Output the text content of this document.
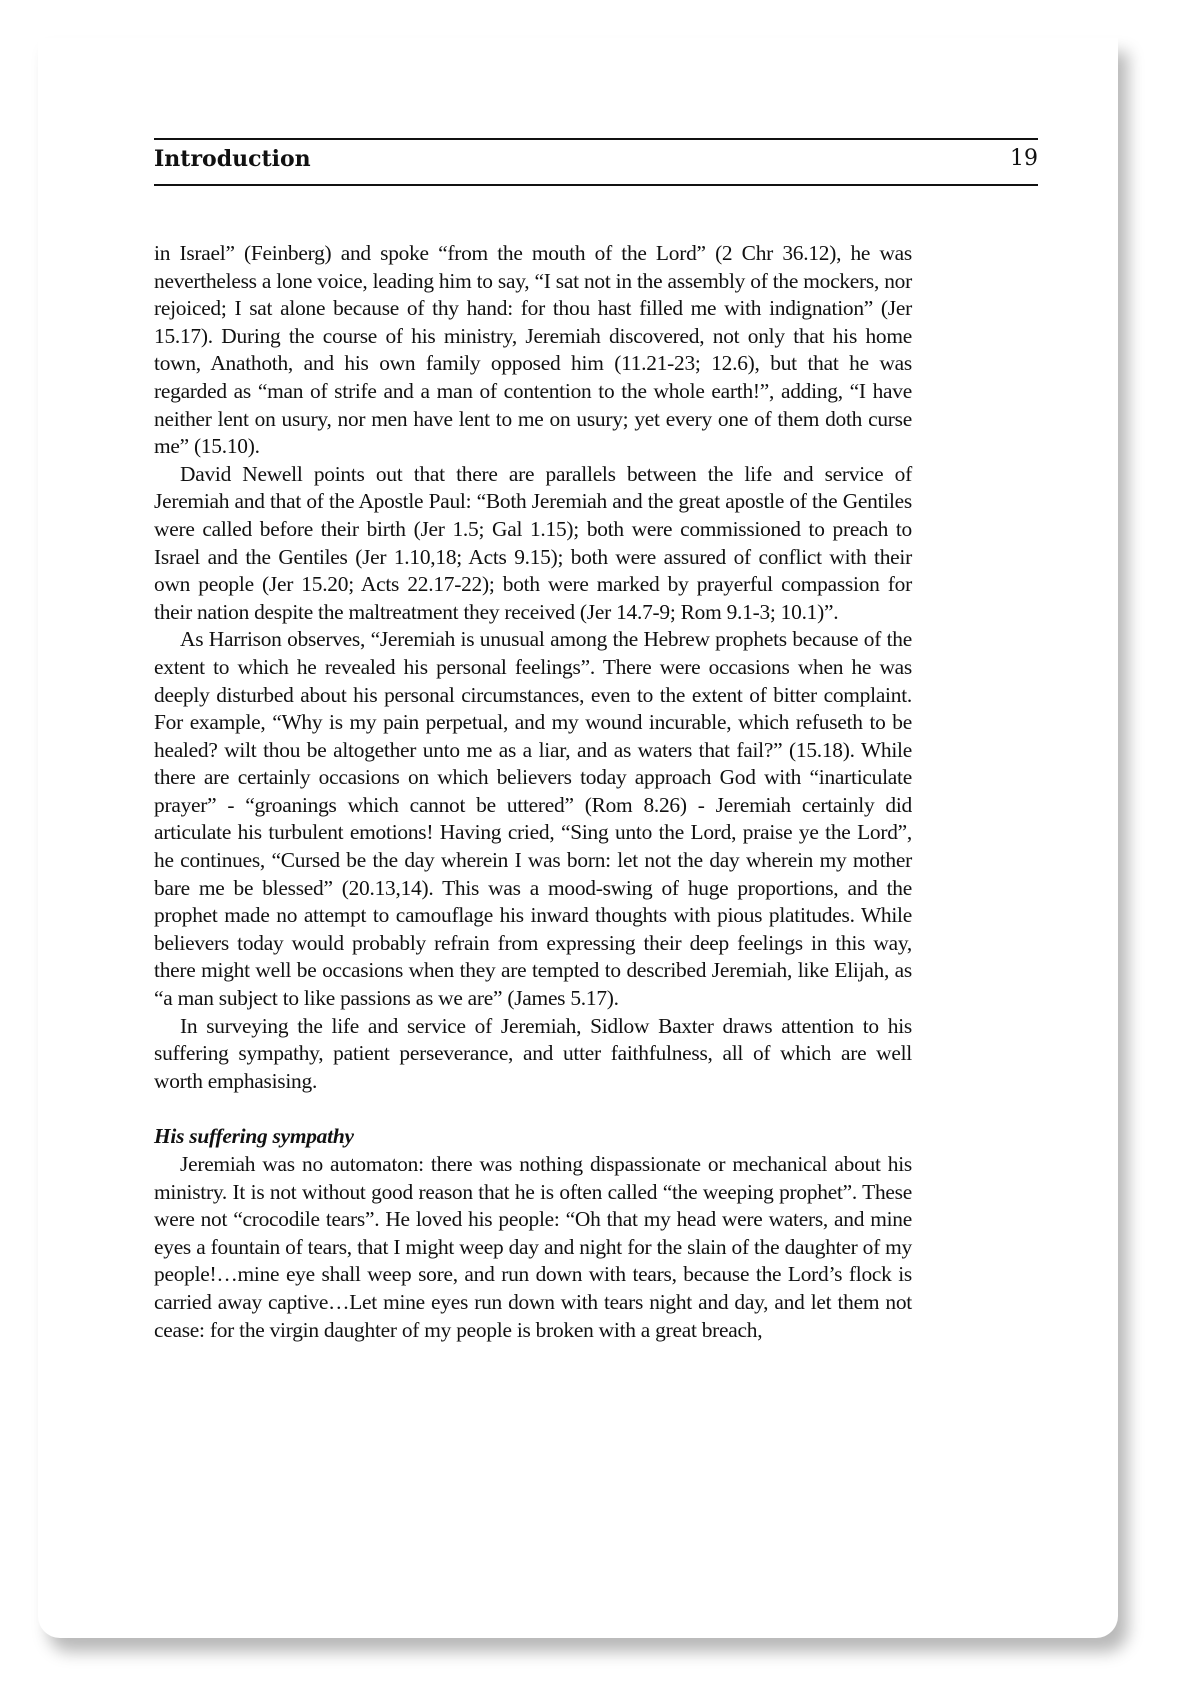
Introduction	19

in Israel” (Feinberg) and spoke “from the mouth of the Lord” (2 Chr 36.12), he was nevertheless a lone voice, leading him to say, “I sat not in the assembly of the mockers, nor rejoiced; I sat alone because of thy hand: for thou hast filled me with indignation” (Jer 15.17). During the course of his ministry, Jeremiah discovered, not only that his home town, Anathoth, and his own family opposed him (11.21-23; 12.6), but that he was regarded as “man of strife and a man of contention to the whole earth!”, adding, “I have neither lent on usury, nor men have lent to me on usury; yet every one of them doth curse me” (15.10).

David Newell points out that there are parallels between the life and service of Jeremiah and that of the Apostle Paul: “Both Jeremiah and the great apostle of the Gentiles were called before their birth (Jer 1.5; Gal 1.15); both were commissioned to preach to Israel and the Gentiles (Jer 1.10,18; Acts 9.15); both were assured of conflict with their own people (Jer 15.20; Acts 22.17-22); both were marked by prayerful compassion for their nation despite the maltreatment they received (Jer 14.7-9; Rom 9.1-3; 10.1)”.

As Harrison observes, “Jeremiah is unusual among the Hebrew prophets because of the extent to which he revealed his personal feelings”. There were occasions when he was deeply disturbed about his personal circumstances, even to the extent of bitter complaint. For example, “Why is my pain perpetual, and my wound incurable, which refuseth to be healed? wilt thou be altogether unto me as a liar, and as waters that fail?” (15.18). While there are certainly occasions on which believers today approach God with “inarticulate prayer” - “groanings which cannot be uttered” (Rom 8.26) - Jeremiah certainly did articulate his turbulent emotions! Having cried, “Sing unto the Lord, praise ye the Lord”, he continues, “Cursed be the day wherein I was born: let not the day wherein my mother bare me be blessed” (20.13,14). This was a mood-swing of huge proportions, and the prophet made no attempt to camouflage his inward thoughts with pious platitudes. While believers today would probably refrain from expressing their deep feelings in this way, there might well be occasions when they are tempted to described Jeremiah, like Elijah, as “a man subject to like passions as we are” (James 5.17).

In surveying the life and service of Jeremiah, Sidlow Baxter draws attention to his suffering sympathy, patient perseverance, and utter faithfulness, all of which are well worth emphasising.

His suffering sympathy

Jeremiah was no automaton: there was nothing dispassionate or mechanical about his ministry. It is not without good reason that he is often called “the weeping prophet”. These were not “crocodile tears”. He loved his people: “Oh that my head were waters, and mine eyes a fountain of tears, that I might weep day and night for the slain of the daughter of my people!…mine eye shall weep sore, and run down with tears, because the Lord’s flock is carried away captive…Let mine eyes run down with tears night and day, and let them not cease: for the virgin daughter of my people is broken with a great breach,
